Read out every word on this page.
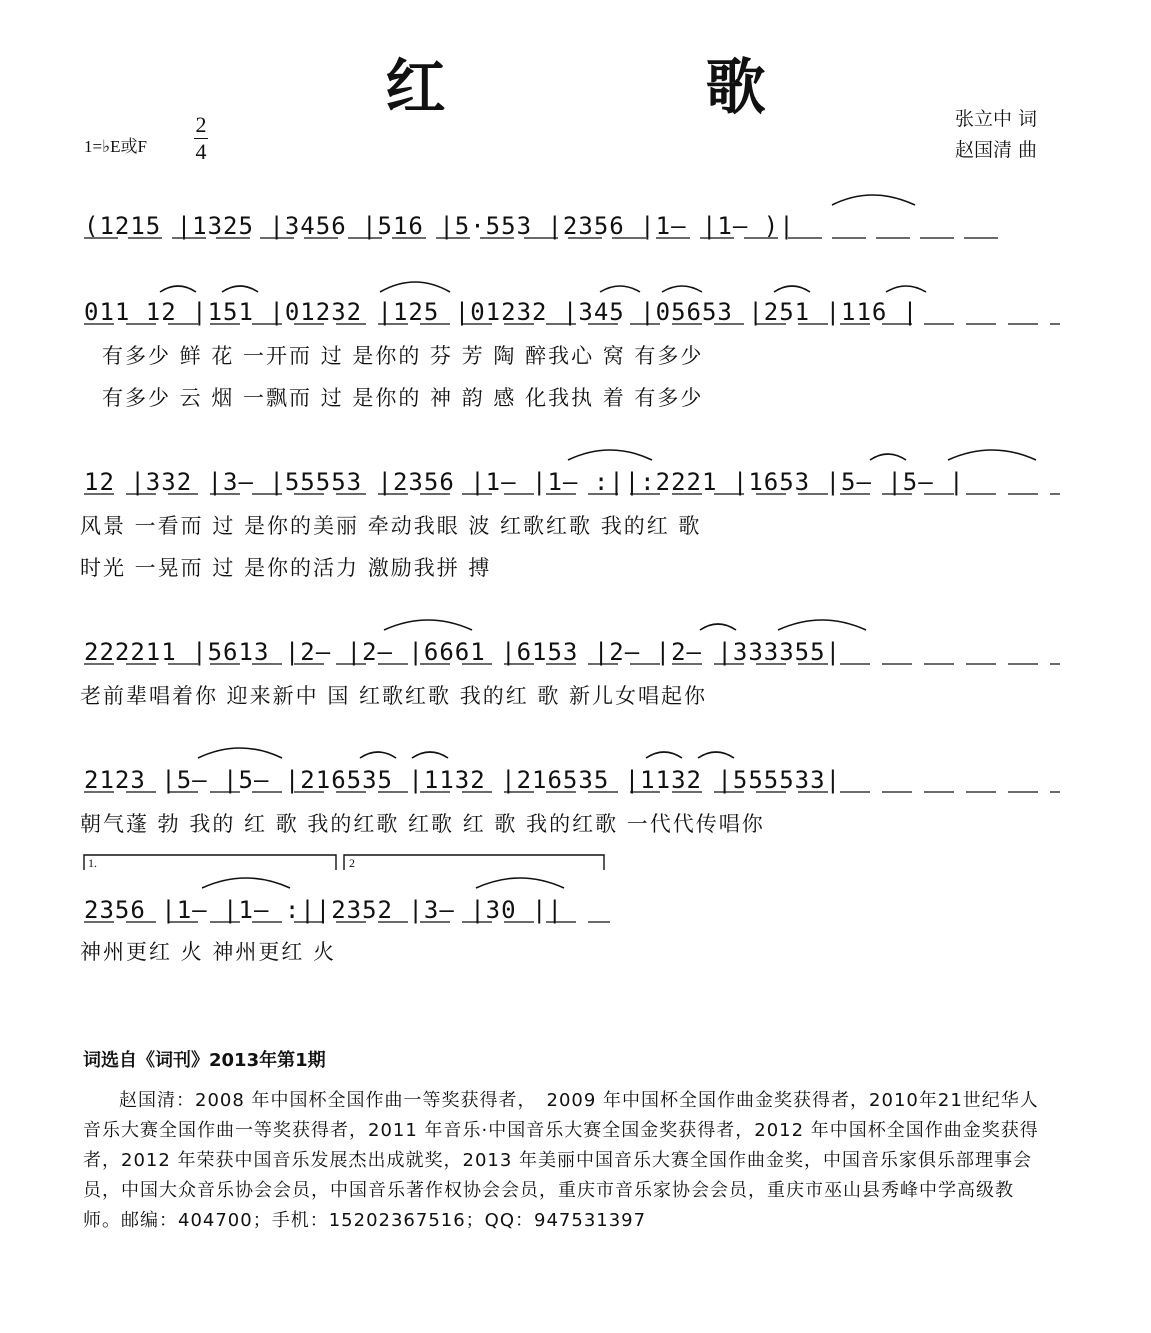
红　歌
1=♭E或F
2
4
张立中 词
赵国清 曲
1.	2
(1215 |1325 |3456 |516 |5·553 |2356 |1— |1— )|
011 12 |151 |01232 |125 |01232 |345 |05653 |251 |116 |
有多少 鲜 花 一开而 过 是你的 芬 芳 陶 醉我心 窝 有多少
有多少 云 烟 一飘而 过 是你的 神 韵 感 化我执 着 有多少
12 |332 |3— |55553 |2356 |1— |1— :||:2221 |1653 |5— |5— |
风景 一看而 过 是你的美丽 牵动我眼 波 红歌红歌 我的红 歌
时光 一晃而 过 是你的活力 激励我拼 搏
222211 |5613 |2— |2— |6661 |6153 |2— |2— |333355|
老前辈唱着你 迎来新中 国 红歌红歌 我的红 歌 新儿女唱起你
2123 |5— |5— |216535 |1132 |216535 |1132 |555533|
朝气蓬 勃 我的 红 歌 我的红歌 红歌 红 歌 我的红歌 一代代传唱你
2356 |1— |1— :||2352 |3— |30 ||
神州更红 火 神州更红 火
词选自《词刊》2013年第1期

赵国清：2008 年中国杯全国作曲一等奖获得者，　2009 年中国杯全国作曲金奖获得者，2010年21世纪华人音乐大赛全国作曲一等奖获得者，2011 年音乐·中国音乐大赛全国金奖获得者，2012 年中国杯全国作曲金奖获得者，2012 年荣获中国音乐发展杰出成就奖，2013 年美丽中国音乐大赛全国作曲金奖，中国音乐家俱乐部理事会员，中国大众音乐协会会员，中国音乐著作权协会会员，重庆市音乐家协会会员，重庆市巫山县秀峰中学高级教师。邮编：404700；手机：15202367516；QQ：947531397
